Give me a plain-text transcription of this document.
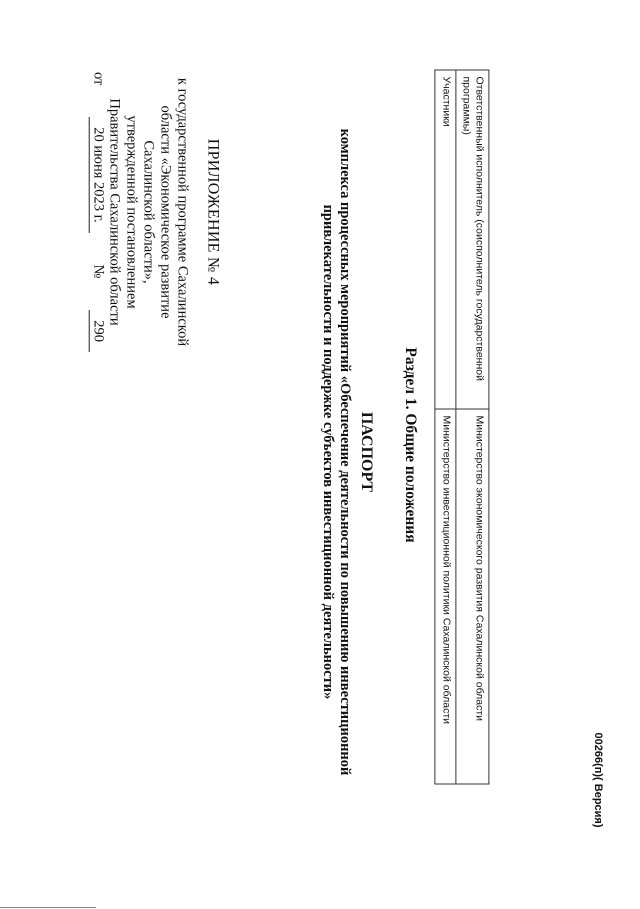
ПРИЛОЖЕНИЕ № 4
к государственной программе Сахалинской
области «Экономическое развитие
Сахалинской области»,
утвержденной постановлением
Правительства Сахалинской области
от
20 июня 2023 г.
№
290
ПАСПОРТ
комплекса процессных мероприятий «Обеспечение деятельности по повышению инвестиционной
привлекательности и поддержке субъектов инвестиционной деятельности»	Раздел 1. Общие положения
Ответственный исполнитель (соисполнитель государственной программы)	Министерство экономического развития Сахалинской области
Участники	Министерство инвестиционной политики Сахалинской области
00266(п)( Версия)
